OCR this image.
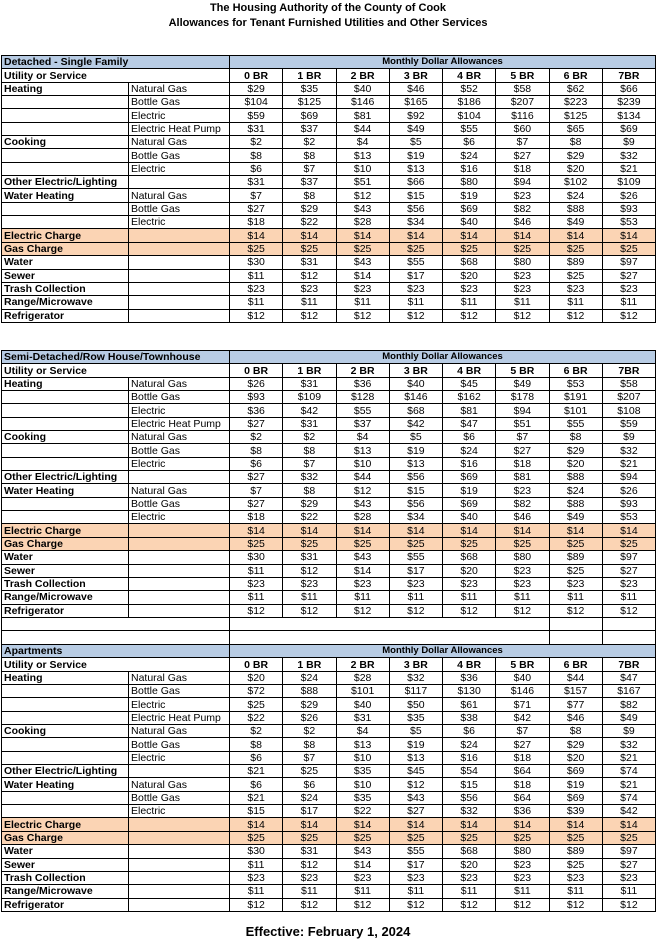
The Housing Authority of the County of Cook
Allowances for Tenant Furnished Utilities and Other Services
Detached - Single Family		Monthly Dollar Allowances							
Utility or Service		0 BR	1 BR	2 BR	3 BR	4 BR	5 BR	6 BR	7BR
Heating	Natural Gas	$29	$35	$40	$46	$52	$58	$62	$66
	Bottle Gas	$104	$125	$146	$165	$186	$207	$223	$239
	Electric	$59	$69	$81	$92	$104	$116	$125	$134
	Electric Heat Pump	$31	$37	$44	$49	$55	$60	$65	$69
Cooking	Natural Gas	$2	$2	$4	$5	$6	$7	$8	$9
	Bottle Gas	$8	$8	$13	$19	$24	$27	$29	$32
	Electric	$6	$7	$10	$13	$16	$18	$20	$21
Other Electric/Lighting		$31	$37	$51	$66	$80	$94	$102	$109
Water Heating	Natural Gas	$7	$8	$12	$15	$19	$23	$24	$26
	Bottle Gas	$27	$29	$43	$56	$69	$82	$88	$93
	Electric	$18	$22	$28	$34	$40	$46	$49	$53
Electric Charge		$14	$14	$14	$14	$14	$14	$14	$14
Gas Charge		$25	$25	$25	$25	$25	$25	$25	$25
Water		$30	$31	$43	$55	$68	$80	$89	$97
Sewer		$11	$12	$14	$17	$20	$23	$25	$27
Trash Collection		$23	$23	$23	$23	$23	$23	$23	$23
Range/Microwave		$11	$11	$11	$11	$11	$11	$11	$11
Refrigerator		$12	$12	$12	$12	$12	$12	$12	$12
Semi-Detached/Row House/Townhouse		Monthly Dollar Allowances							
Utility or Service		0 BR	1 BR	2 BR	3 BR	4 BR	5 BR	6 BR	7BR
Heating	Natural Gas	$26	$31	$36	$40	$45	$49	$53	$58
	Bottle Gas	$93	$109	$128	$146	$162	$178	$191	$207
	Electric	$36	$42	$55	$68	$81	$94	$101	$108
	Electric Heat Pump	$27	$31	$37	$42	$47	$51	$55	$59
Cooking	Natural Gas	$2	$2	$4	$5	$6	$7	$8	$9
	Bottle Gas	$8	$8	$13	$19	$24	$27	$29	$32
	Electric	$6	$7	$10	$13	$16	$18	$20	$21
Other Electric/Lighting		$27	$32	$44	$56	$69	$81	$88	$94
Water Heating	Natural Gas	$7	$8	$12	$15	$19	$23	$24	$26
	Bottle Gas	$27	$29	$43	$56	$69	$82	$88	$93
	Electric	$18	$22	$28	$34	$40	$46	$49	$53
Electric Charge		$14	$14	$14	$14	$14	$14	$14	$14
Gas Charge		$25	$25	$25	$25	$25	$25	$25	$25
Water		$30	$31	$43	$55	$68	$80	$89	$97
Sewer		$11	$12	$14	$17	$20	$23	$25	$27
Trash Collection		$23	$23	$23	$23	$23	$23	$23	$23
Range/Microwave		$11	$11	$11	$11	$11	$11	$11	$11
Refrigerator		$12	$12	$12	$12	$12	$12	$12	$12
Apartments		Monthly Dollar Allowances							
Utility or Service		0 BR	1 BR	2 BR	3 BR	4 BR	5 BR	6 BR	7BR
Heating	Natural Gas	$20	$24	$28	$32	$36	$40	$44	$47
	Bottle Gas	$72	$88	$101	$117	$130	$146	$157	$167
	Electric	$25	$29	$40	$50	$61	$71	$77	$82
	Electric Heat Pump	$22	$26	$31	$35	$38	$42	$46	$49
Cooking	Natural Gas	$2	$2	$4	$5	$6	$7	$8	$9
	Bottle Gas	$8	$8	$13	$19	$24	$27	$29	$32
	Electric	$6	$7	$10	$13	$16	$18	$20	$21
Other Electric/Lighting		$21	$25	$35	$45	$54	$64	$69	$74
Water Heating	Natural Gas	$6	$6	$10	$12	$15	$18	$19	$21
	Bottle Gas	$21	$24	$35	$43	$56	$64	$69	$74
	Electric	$15	$17	$22	$27	$32	$36	$39	$42
Electric Charge		$14	$14	$14	$14	$14	$14	$14	$14
Gas Charge		$25	$25	$25	$25	$25	$25	$25	$25
Water		$30	$31	$43	$55	$68	$80	$89	$97
Sewer		$11	$12	$14	$17	$20	$23	$25	$27
Trash Collection		$23	$23	$23	$23	$23	$23	$23	$23
Range/Microwave		$11	$11	$11	$11	$11	$11	$11	$11
Refrigerator		$12	$12	$12	$12	$12	$12	$12	$12

Effective: February 1, 2024
